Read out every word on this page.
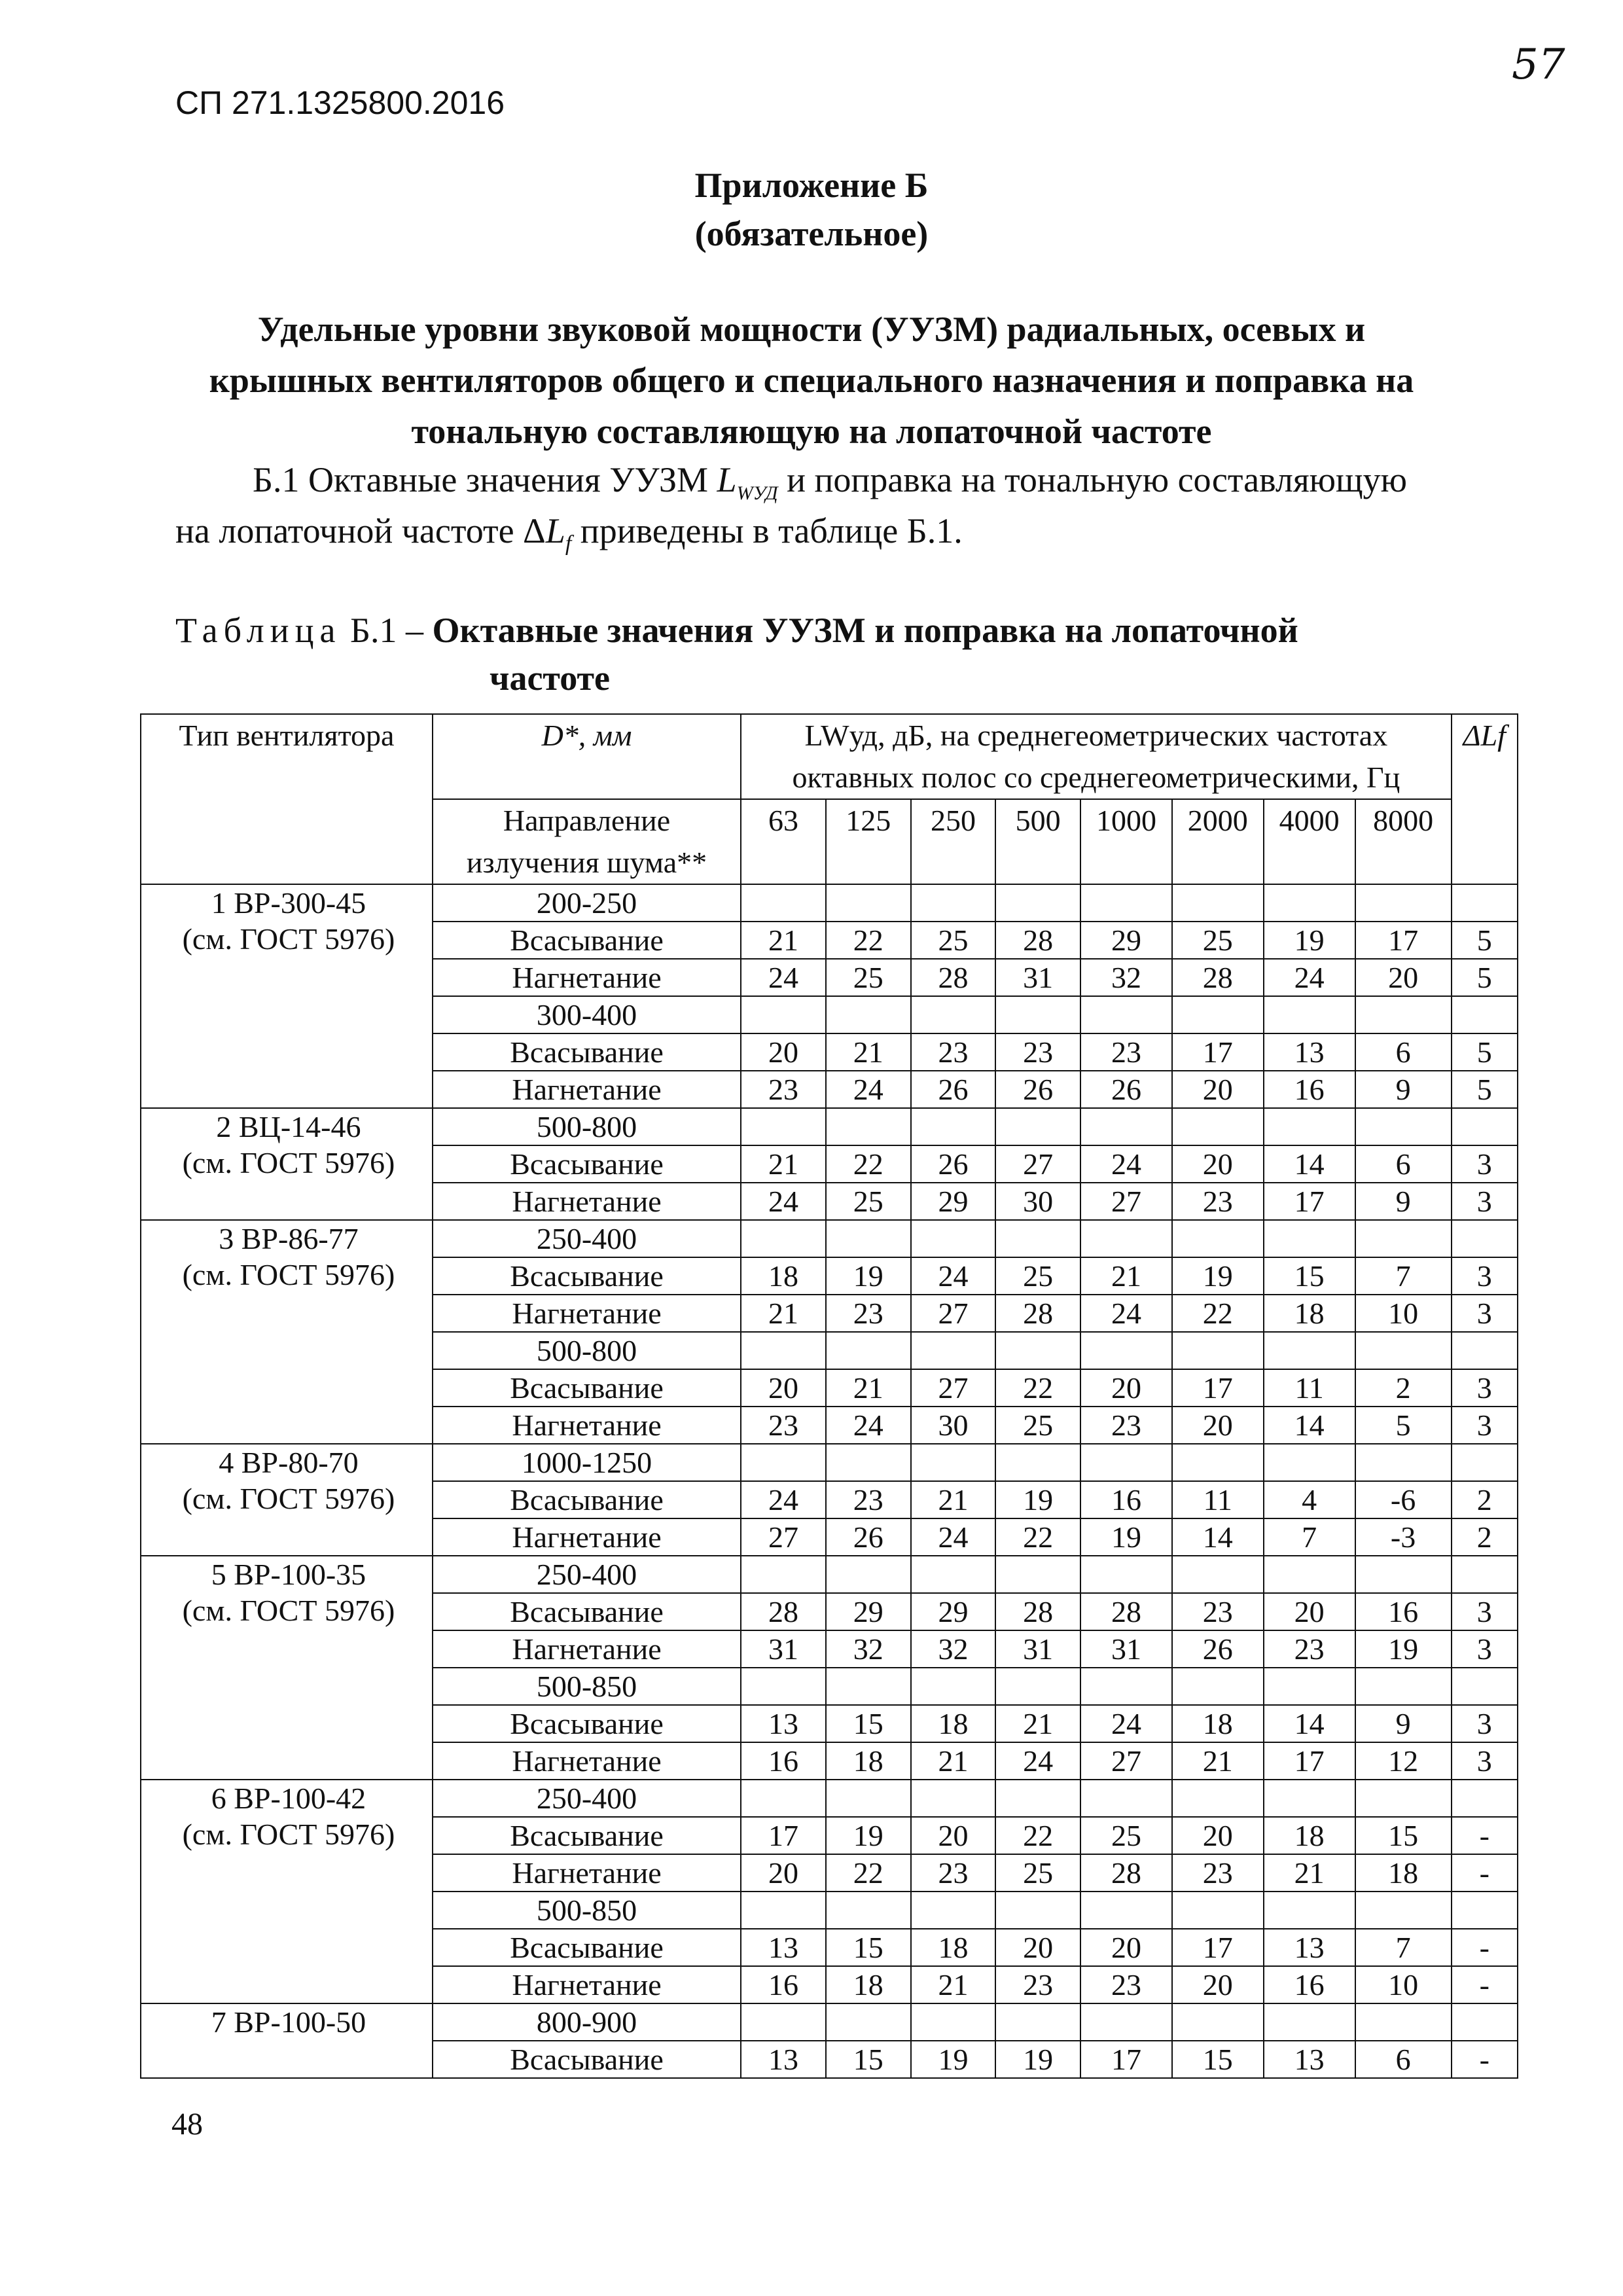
СП 271.1325800.2016
57
Приложение Б
(обязательное)
Удельные уровни звуковой мощности (УУЗМ) радиальных, осевых и
крышных вентиляторов общего и специального назначения и поправка на
тональную составляющую на лопаточной частоте
Б.1 Октавные значения УУЗМ $L_{WУД}$ и поправка на тональную составляющую
на лопаточной частоте $\Delta L_f$ приведены в таблице Б.1.
Таблица Б.1 – Октавные значения УУЗМ и поправка на лопаточной
частоте
Тип вентилятора	D*, мм	LWуд, дБ, на среднегеометрических частотах
октавных полос со среднегеометрическими, Гц								ΔLf

	Направление
излучения шума**	63	125	250	500	1000	2000	4000	8000	

1 ВР-300-45
(см. ГОСТ 5976)	200-250									
	Всасывание	21	22	25	28	29	25	19	17	5
	Нагнетание	24	25	28	31	32	28	24	20	5
	300-400									
	Всасывание	20	21	23	23	23	17	13	6	5
	Нагнетание	23	24	26	26	26	20	16	9	5

2 ВЦ-14-46
(см. ГОСТ 5976)	500-800									
	Всасывание	21	22	26	27	24	20	14	6	3
	Нагнетание	24	25	29	30	27	23	17	9	3

3 ВР-86-77
(см. ГОСТ 5976)	250-400									
	Всасывание	18	19	24	25	21	19	15	7	3
	Нагнетание	21	23	27	28	24	22	18	10	3
	500-800									
	Всасывание	20	21	27	22	20	17	11	2	3
	Нагнетание	23	24	30	25	23	20	14	5	3

4 ВР-80-70
(см. ГОСТ 5976)	1000-1250									
	Всасывание	24	23	21	19	16	11	4	-6	2
	Нагнетание	27	26	24	22	19	14	7	-3	2

5 ВР-100-35
(см. ГОСТ 5976)	250-400									
	Всасывание	28	29	29	28	28	23	20	16	3
	Нагнетание	31	32	32	31	31	26	23	19	3
	500-850									
	Всасывание	13	15	18	21	24	18	14	9	3
	Нагнетание	16	18	21	24	27	21	17	12	3

6 ВР-100-42
(см. ГОСТ 5976)	250-400									
	Всасывание	17	19	20	22	25	20	18	15	-
	Нагнетание	20	22	23	25	28	23	21	18	-
	500-850									
	Всасывание	13	15	18	20	20	17	13	7	-
	Нагнетание	16	18	21	23	23	20	16	10	-

7 ВР-100-50	800-900									
	Всасывание	13	15	19	19	17	15	13	6	-
48
